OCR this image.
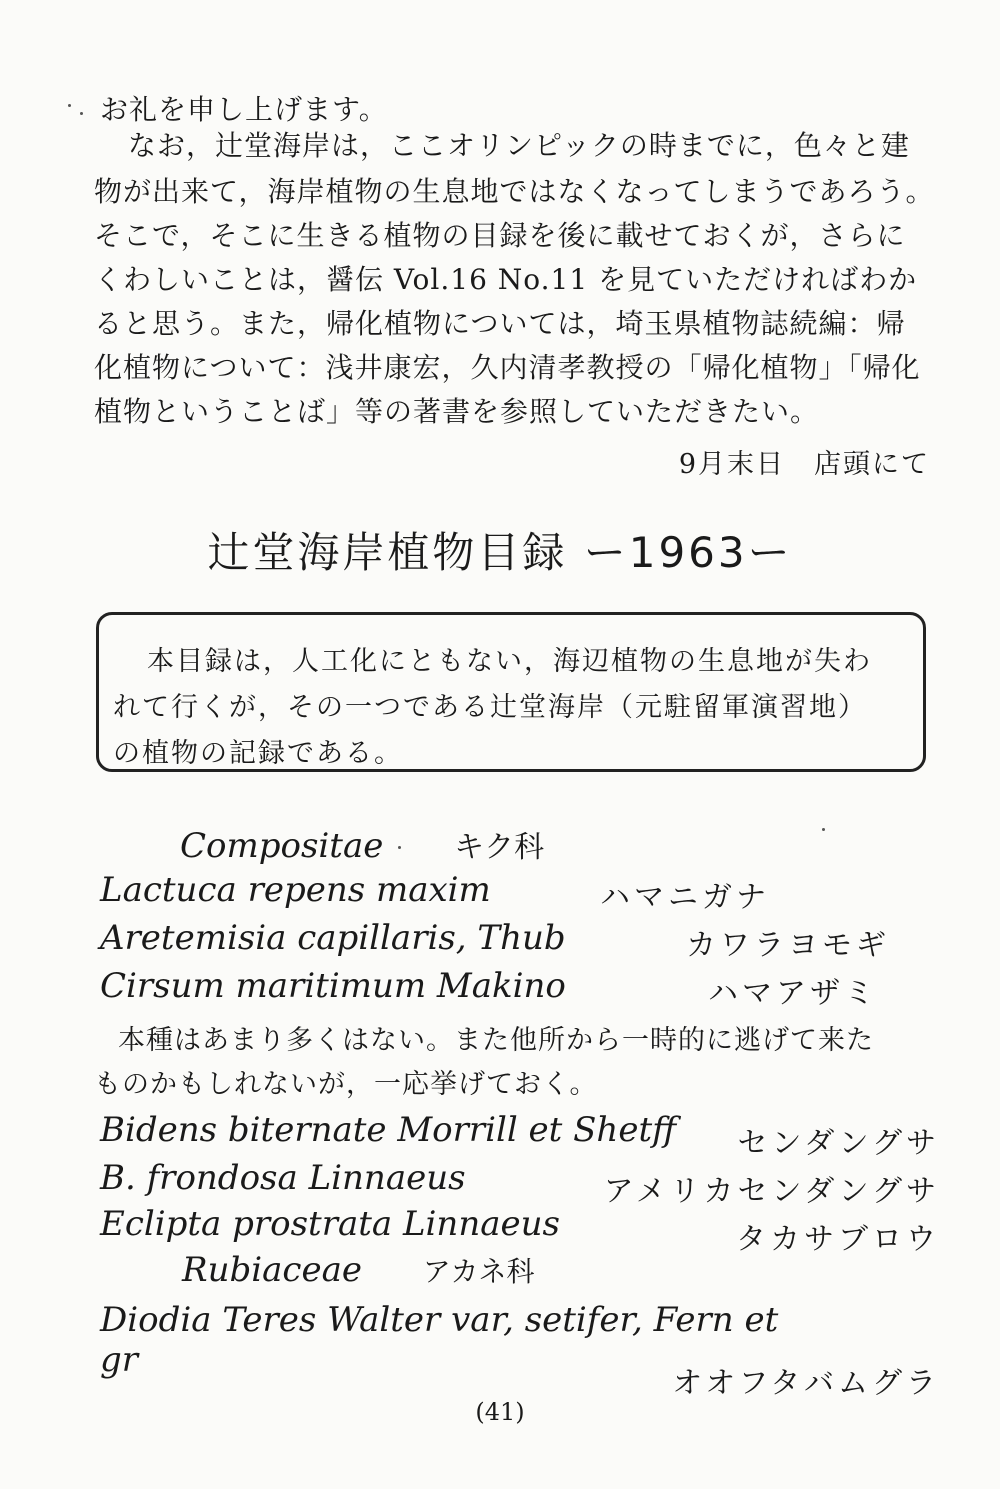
お礼を申し上げます。
なお，辻堂海岸は，ここオリンピックの時までに，色々と建
物が出来て，海岸植物の生息地ではなくなってしまうであろう。
そこで，そこに生きる植物の目録を後に載せておくが，さらに
くわしいことは，醤伝 Vol.16 No.11 を見ていただければわか
ると思う。また，帰化植物については，埼玉県植物誌続編：帰
化植物について：浅井康宏，久内清孝教授の「帰化植物」「帰化
植物ということば」等の著書を参照していただきたい。
9月末日　店頭にて
辻堂海岸植物目録 ー1963ー
本目録は，人工化にともない，海辺植物の生息地が失わ
れて行くが，その一つである辻堂海岸（元駐留軍演習地）
の植物の記録である。
Compositae キク科
Lactuca repens maxim	ハマニガナ
Aretemisia capillaris, Thub	カワラヨモギ
Cirsum maritimum Makino	ハマアザミ
本種はあまり多くはない。また他所から一時的に逃げて来た
ものかもしれないが，一応挙げておく。
Bidens biternate Morrill et Shetff センダングサ
B. frondosa Linnaeus	アメリカセンダングサ
Eclipta prostrata Linnaeus	タカサブロウ
Rubiaceae アカネ科
Diodia Teres Walter var, setifer, Fern et
gr
オオフタバムグラ
(41)
